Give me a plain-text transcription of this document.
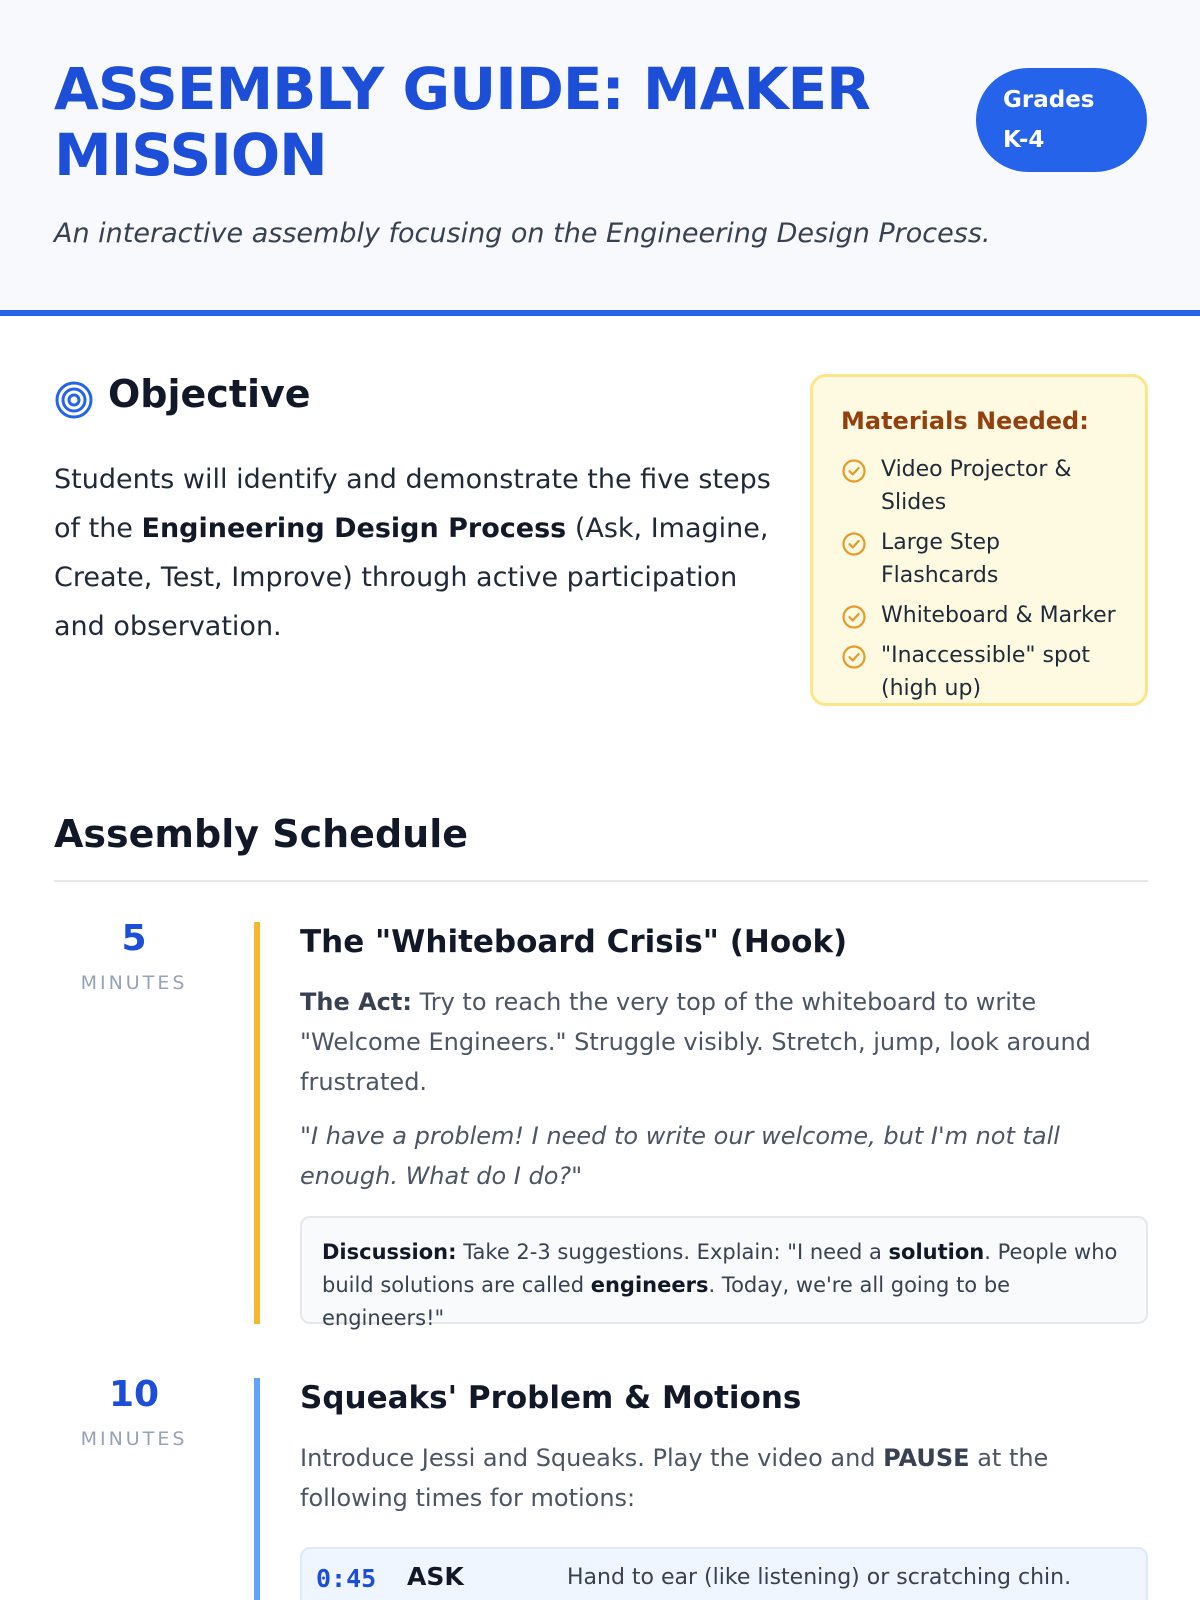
ASSEMBLY GUIDE: MAKER MISSION
Grades
K-4

An interactive assembly focusing on the Engineering Design Process.

Objective

Students will identify and demonstrate the five steps of the Engineering Design Process (Ask, Imagine, Create, Test, Improve) through active participation and observation.

Materials Needed:
Video Projector & Slides
Large Step Flashcards
Whiteboard & Marker
"Inaccessible" spot (high up)
Assembly Schedule
5
MINUTES
The "Whiteboard Crisis" (Hook)

The Act: Try to reach the very top of the whiteboard to write "Welcome Engineers." Struggle visibly. Stretch, jump, look around frustrated.

"I have a problem! I need to write our welcome, but I'm not tall enough. What do I do?"

Discussion: Take 2-3 suggestions. Explain: "I need a solution. People who build solutions are called engineers. Today, we're all going to be engineers!"
10
MINUTES
Squeaks' Problem & Motions

Introduce Jessi and Squeaks. Play the video and PAUSE at the following times for motions:

0:45 ASK	Hand to ear (like listening) or scratching chin.
